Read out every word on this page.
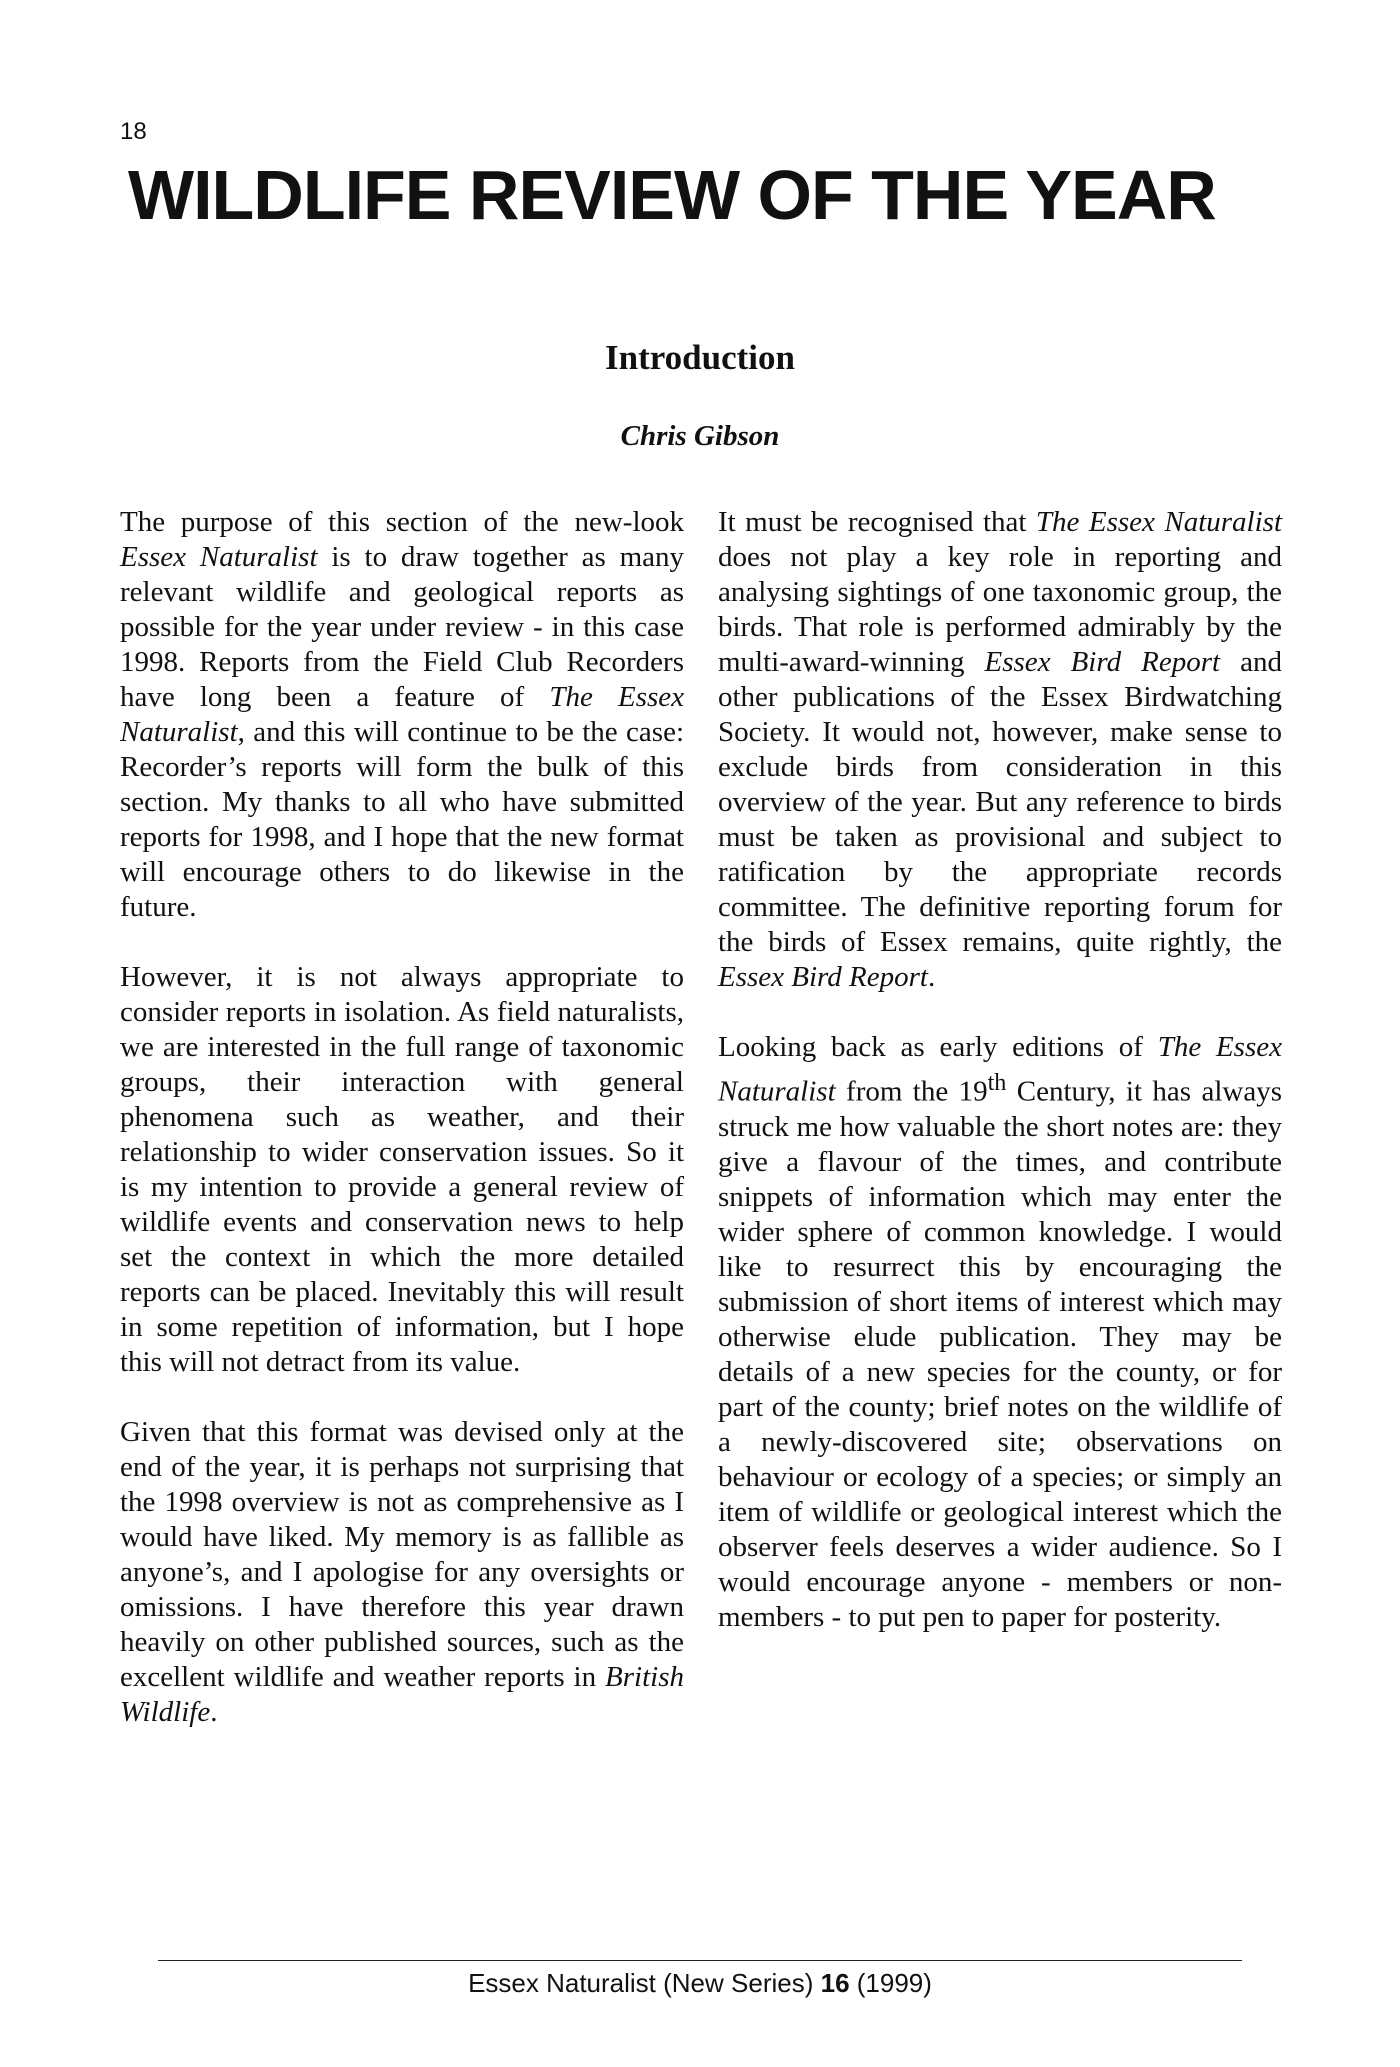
18
WILDLIFE REVIEW OF THE YEAR
Introduction
Chris Gibson

The purpose of this section of the new-look Essex Naturalist is to draw together as many relevant wildlife and geological reports as possible for the year under review - in this case 1998. Reports from the Field Club Recorders have long been a feature of The Essex Naturalist, and this will continue to be the case: Recorder’s reports will form the bulk of this section. My thanks to all who have submitted reports for 1998, and I hope that the new format will encourage others to do likewise in the future.

However, it is not always appropriate to consider reports in isolation. As field naturalists, we are interested in the full range of taxonomic groups, their interaction with general phenomena such as weather, and their relationship to wider conservation issues. So it is my intention to provide a general review of wildlife events and conservation news to help set the context in which the more detailed reports can be placed. Inevitably this will result in some repetition of information, but I hope this will not detract from its value.

Given that this format was devised only at the end of the year, it is perhaps not surprising that the 1998 overview is not as comprehensive as I would have liked. My memory is as fallible as anyone’s, and I apologise for any oversights or omissions. I have therefore this year drawn heavily on other published sources, such as the excellent wildlife and weather reports in British Wildlife.

It must be recognised that The Essex Naturalist does not play a key role in reporting and analysing sightings of one taxonomic group, the birds. That role is performed admirably by the multi-award-winning Essex Bird Report and other publications of the Essex Birdwatching Society. It would not, however, make sense to exclude birds from consideration in this overview of the year. But any reference to birds must be taken as provisional and subject to ratification by the appropriate records committee. The definitive reporting forum for the birds of Essex remains, quite rightly, the Essex Bird Report.

Looking back as early editions of The Essex Naturalist from the 19th Century, it has always struck me how valuable the short notes are: they give a flavour of the times, and contribute snippets of information which may enter the wider sphere of common knowledge. I would like to resurrect this by encouraging the submission of short items of interest which may otherwise elude publication. They may be details of a new species for the county, or for part of the county; brief notes on the wildlife of a newly-discovered site; observations on behaviour or ecology of a species; or simply an item of wildlife or geological interest which the observer feels deserves a wider audience. So I would encourage anyone - members or non-members - to put pen to paper for posterity.

Essex Naturalist (New Series) 16 (1999)
